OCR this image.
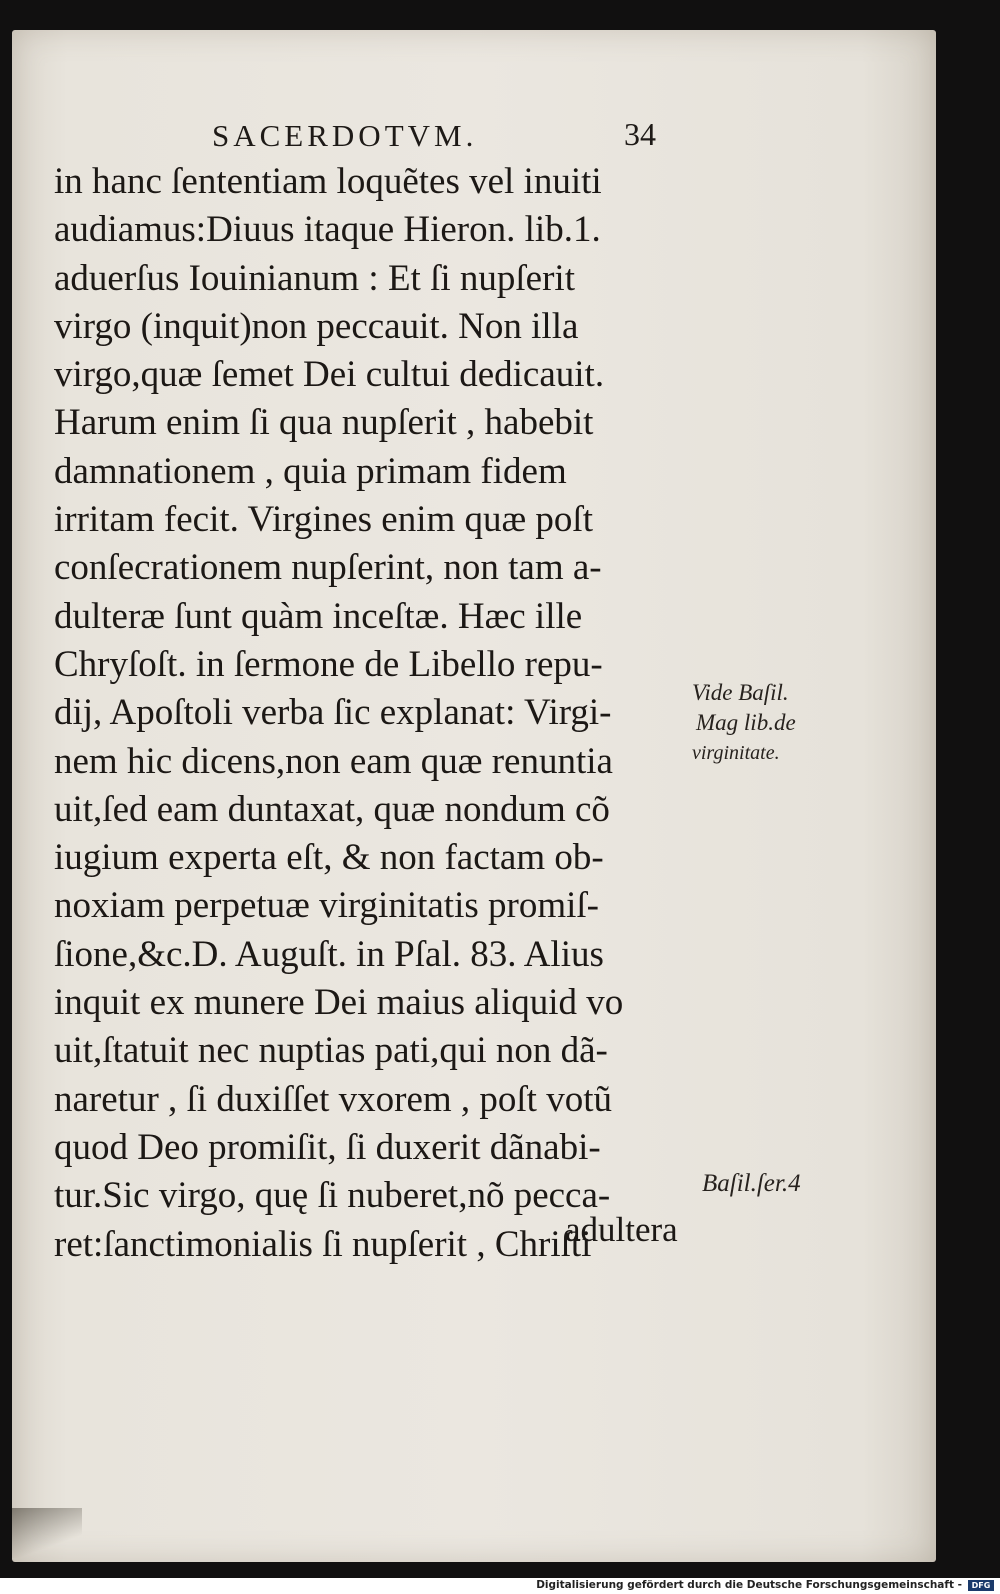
SACERDOTVM.	34
in hanc ſententiam loquẽtes vel inuiti
audiamus:Diuus itaque Hieron. lib.1.
aduerſus Iouinianum : Et ſi nupſerit
virgo (inquit)non peccauit. Non illa
virgo,quæ ſemet Dei cultui dedicauit.
Harum enim ſi qua nupſerit , habebit
damnationem , quia primam fidem
irritam fecit. Virgines enim quæ poſt
conſecrationem nupſerint, non tam a-
dulteræ ſunt quàm inceſtæ. Hæc ille
Chryſoſt. in ſermone de Libello repu-
dij, Apoſtoli verba ſic explanat: Virgi-
nem hic dicens,non eam quæ renuntia
uit,ſed eam duntaxat, quæ nondum cõ
iugium experta eſt, & non factam ob-
noxiam perpetuæ virginitatis promiſ-
ſione,&c.D. Auguſt. in Pſal. 83. Alius
inquit ex munere Dei maius aliquid vo
uit,ſtatuit nec nuptias pati,qui non dã-
naretur , ſi duxiſſet vxorem , poſt votũ
quod Deo promiſit, ſi duxerit dãnabi-
tur.Sic virgo, quę ſi nuberet,nõ pecca-
ret:ſanctimonialis ſi nupſerit , Chriſti
adultera
Vide Baſil.
Mag lib.de
virginitate.
Baſil.ſer.4
Digitalisierung gefördert durch die Deutsche Forschungsgemeinschaft -	DFG
